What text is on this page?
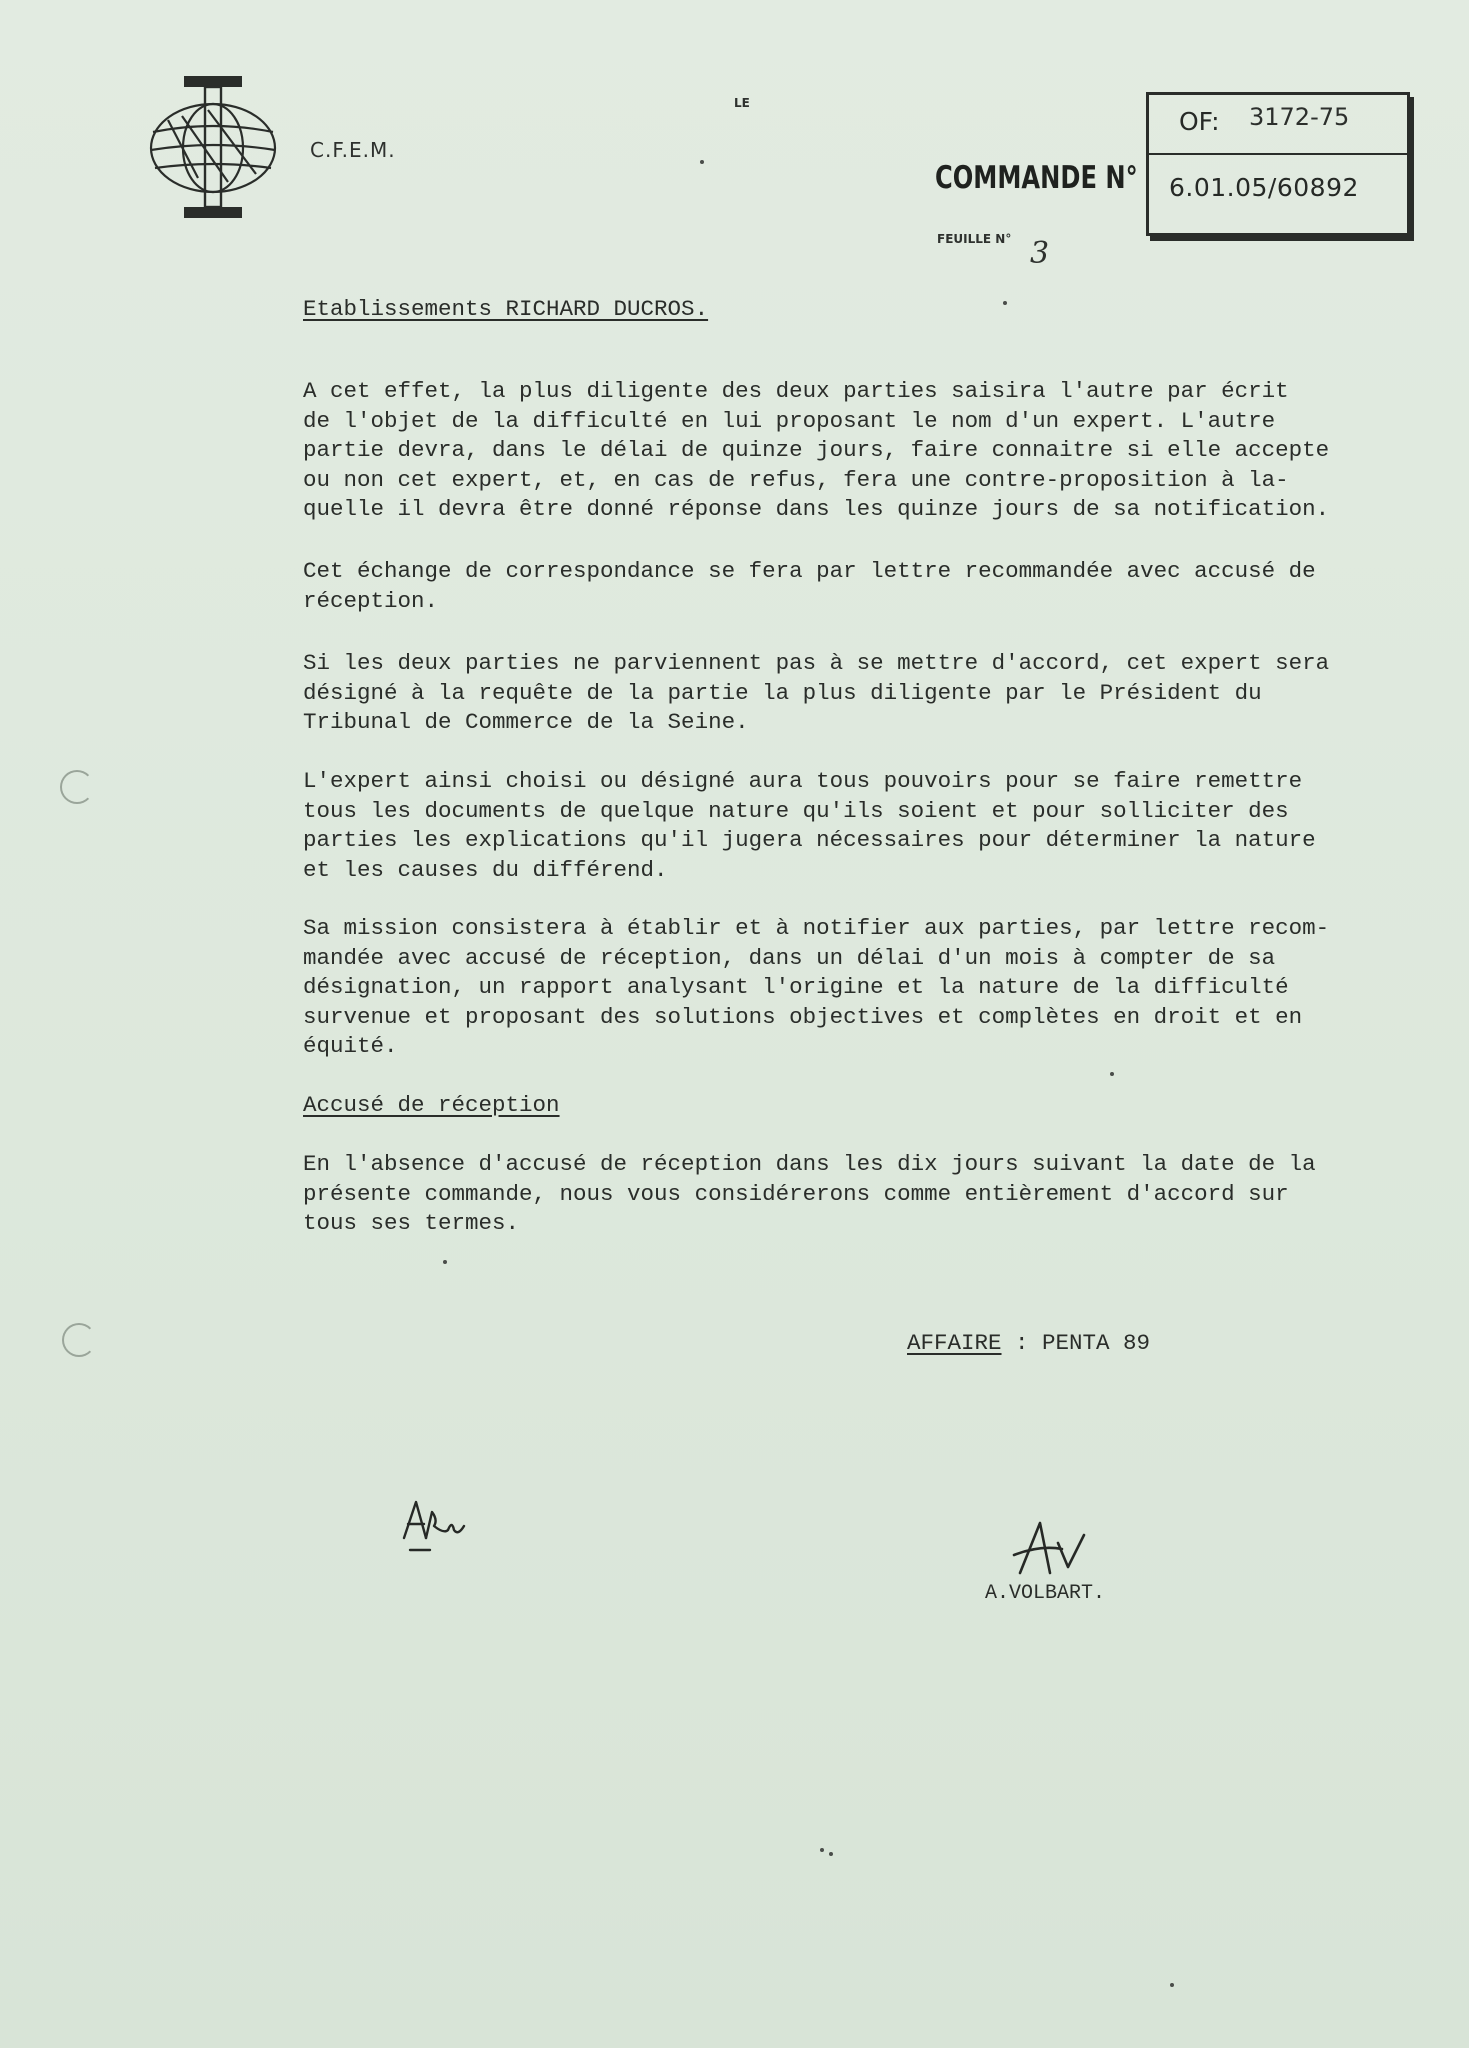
C.F.E.M.
LE
COMMANDE N°
OF: 3172-75
6.01.05/60892
FEUILLE N° 3
Etablissements RICHARD DUCROS.

A cet effet, la plus diligente des deux parties saisira l'autre par écrit
de l'objet de la difficulté en lui proposant le nom d'un expert. L'autre
partie devra, dans le délai de quinze jours, faire connaitre si elle accepte
ou non cet expert, et, en cas de refus, fera une contre-proposition à la-
quelle il devra être donné réponse dans les quinze jours de sa notification.

Cet échange de correspondance se fera par lettre recommandée avec accusé de
réception.

Si les deux parties ne parviennent pas à se mettre d'accord, cet expert sera
désigné à la requête de la partie la plus diligente par le Président du
Tribunal de Commerce de la Seine.

L'expert ainsi choisi ou désigné aura tous pouvoirs pour se faire remettre
tous les documents de quelque nature qu'ils soient et pour solliciter des
parties les explications qu'il jugera nécessaires pour déterminer la nature
et les causes du différend.

Sa mission consistera à établir et à notifier aux parties, par lettre recom-
mandée avec accusé de réception, dans un délai d'un mois à compter de sa
désignation, un rapport analysant l'origine et la nature de la difficulté
survenue et proposant des solutions objectives et complètes en droit et en
équité.

Accusé de réception

En l'absence d'accusé de réception dans les dix jours suivant la date de la
présente commande, nous vous considérerons comme entièrement d'accord sur
tous ses termes.

AFFAIRE : PENTA 89
A.VOLBART.
